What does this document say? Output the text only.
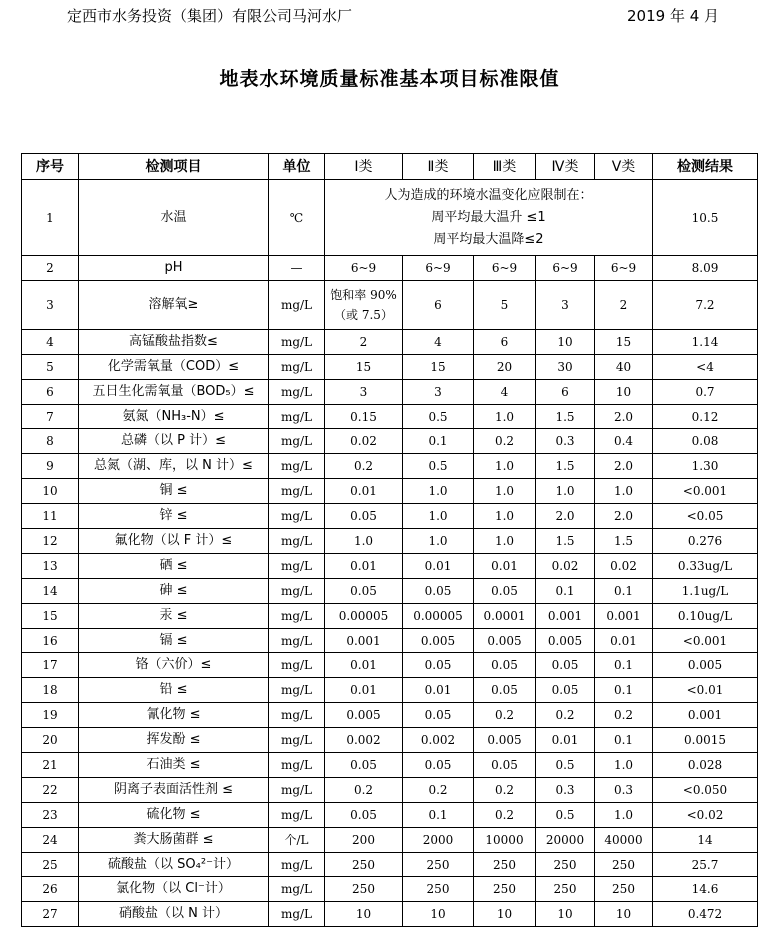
定西市水务投资（集团）有限公司马河水厂	2019 年 4 月
地表水环境质量标准基本项目标准限值
序号	检测项目	单位	Ⅰ类	Ⅱ类	Ⅲ类	Ⅳ类	Ⅴ类	检测结果
1	水温	℃	人为造成的环境水温变化应限制在：
周平均最大温升 ≤1
周平均最大温降≤2					10.5
2	pH	—	6~9	6~9	6~9	6~9	6~9	8.09
3	溶解氧≥	mg/L	饱和率 90%
（或 7.5）	6	5	3	2	7.2
4	高锰酸盐指数≤	mg/L	2	4	6	10	15	1.14
5	化学需氧量（COD）≤	mg/L	15	15	20	30	40	<4
6	五日生化需氧量（BOD₅）≤	mg/L	3	3	4	6	10	0.7
7	氨氮（NH₃-N）≤	mg/L	0.15	0.5	1.0	1.5	2.0	0.12
8	总磷（以 P 计）≤	mg/L	0.02	0.1	0.2	0.3	0.4	0.08
9	总氮（湖、库，以 N 计）≤	mg/L	0.2	0.5	1.0	1.5	2.0	1.30
10	铜 ≤	mg/L	0.01	1.0	1.0	1.0	1.0	<0.001
11	锌 ≤	mg/L	0.05	1.0	1.0	2.0	2.0	<0.05
12	氟化物（以 F 计）≤	mg/L	1.0	1.0	1.0	1.5	1.5	0.276
13	硒 ≤	mg/L	0.01	0.01	0.01	0.02	0.02	0.33ug/L
14	砷 ≤	mg/L	0.05	0.05	0.05	0.1	0.1	1.1ug/L
15	汞 ≤	mg/L	0.00005	0.00005	0.0001	0.001	0.001	0.10ug/L
16	镉 ≤	mg/L	0.001	0.005	0.005	0.005	0.01	<0.001
17	铬（六价）≤	mg/L	0.01	0.05	0.05	0.05	0.1	0.005
18	铅 ≤	mg/L	0.01	0.01	0.05	0.05	0.1	<0.01
19	氰化物 ≤	mg/L	0.005	0.05	0.2	0.2	0.2	0.001
20	挥发酚 ≤	mg/L	0.002	0.002	0.005	0.01	0.1	0.0015
21	石油类 ≤	mg/L	0.05	0.05	0.05	0.5	1.0	0.028
22	阴离子表面活性剂 ≤	mg/L	0.2	0.2	0.2	0.3	0.3	<0.050
23	硫化物 ≤	mg/L	0.05	0.1	0.2	0.5	1.0	<0.02
24	粪大肠菌群 ≤	个/L	200	2000	10000	20000	40000	14
25	硫酸盐（以 SO₄²⁻计）	mg/L	250	250	250	250	250	25.7
26	氯化物（以 Cl⁻计）	mg/L	250	250	250	250	250	14.6
27	硝酸盐（以 N 计）	mg/L	10	10	10	10	10	0.472
